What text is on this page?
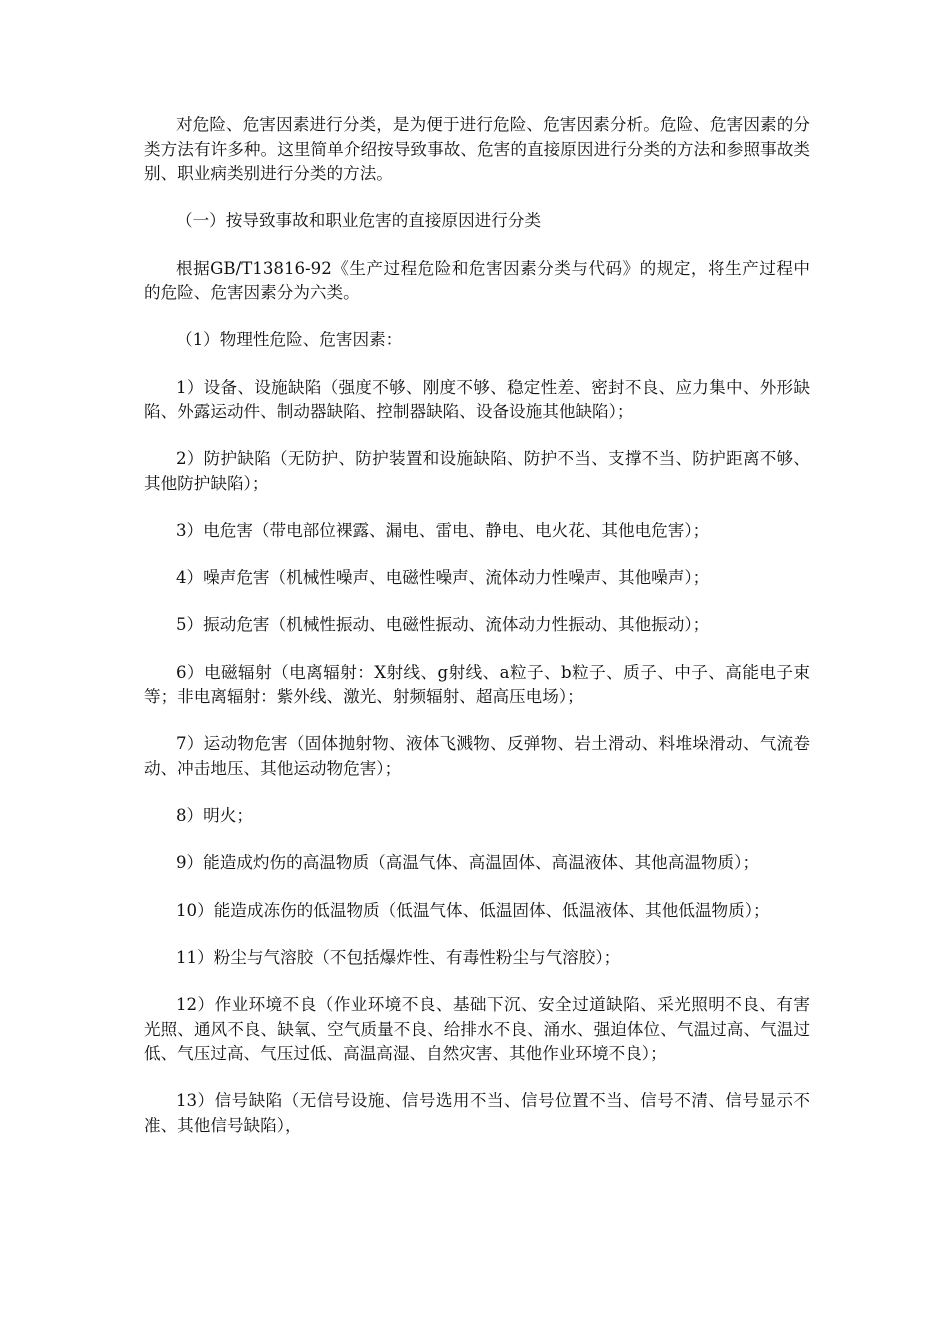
对危险、危害因素进行分类，是为便于进行危险、危害因素分析。危险、危害因素的分类方法有许多种。这里简单介绍按导致事故、危害的直接原因进行分类的方法和参照事故类别、职业病类别进行分类的方法。

（一）按导致事故和职业危害的直接原因进行分类

根据GB/T13816-92《生产过程危险和危害因素分类与代码》的规定，将生产过程中的危险、危害因素分为六类。

（1）物理性危险、危害因素：

1）设备、设施缺陷（强度不够、刚度不够、稳定性差、密封不良、应力集中、外形缺陷、外露运动件、制动器缺陷、控制器缺陷、设备设施其他缺陷）；

2）防护缺陷（无防护、防护装置和设施缺陷、防护不当、支撑不当、防护距离不够、其他防护缺陷）；

3）电危害（带电部位裸露、漏电、雷电、静电、电火花、其他电危害）；

4）噪声危害（机械性噪声、电磁性噪声、流体动力性噪声、其他噪声）；

5）振动危害（机械性振动、电磁性振动、流体动力性振动、其他振动）；

6）电磁辐射（电离辐射：X射线、g射线、a粒子、b粒子、质子、中子、高能电子束等；非电离辐射：紫外线、激光、射频辐射、超高压电场）；

7）运动物危害（固体抛射物、液体飞溅物、反弹物、岩土滑动、料堆垛滑动、气流卷动、冲击地压、其他运动物危害）；

8）明火；

9）能造成灼伤的高温物质（高温气体、高温固体、高温液体、其他高温物质）；

10）能造成冻伤的低温物质（低温气体、低温固体、低温液体、其他低温物质）；

11）粉尘与气溶胶（不包括爆炸性、有毒性粉尘与气溶胶）；

12）作业环境不良（作业环境不良、基础下沉、安全过道缺陷、采光照明不良、有害光照、通风不良、缺氧、空气质量不良、给排水不良、涌水、强迫体位、气温过高、气温过低、气压过高、气压过低、高温高湿、自然灾害、其他作业环境不良）；

13）信号缺陷（无信号设施、信号选用不当、信号位置不当、信号不清、信号显示不准、其他信号缺陷），
